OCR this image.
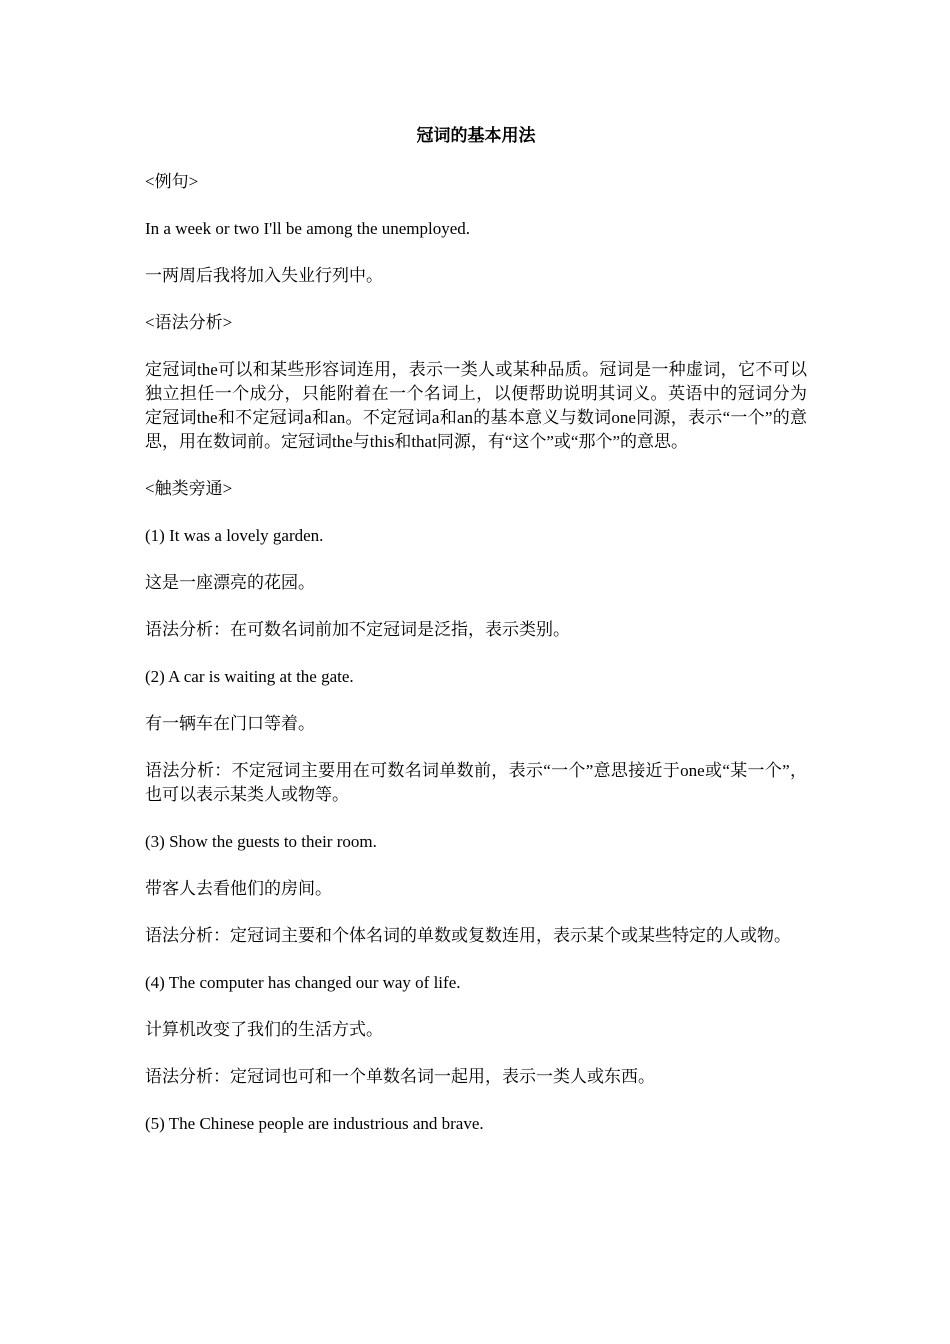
冠词的基本用法
<例句>
In a week or two I'll be among the unemployed.
一两周后我将加入失业行列中。
<语法分析>
定冠词the可以和某些形容词连用，表示一类人或某种品质。冠词是一种虚词，它不可以独立担任一个成分，只能附着在一个名词上，以便帮助说明其词义。英语中的冠词分为定冠词the和不定冠词a和an。不定冠词a和an的基本意义与数词one同源，表示“一个”的意思，用在数词前。定冠词the与this和that同源，有“这个”或“那个”的意思。
<触类旁通>
(1) It was a lovely garden.
这是一座漂亮的花园。
语法分析：在可数名词前加不定冠词是泛指，表示类别。
(2) A car is waiting at the gate.
有一辆车在门口等着。
语法分析：不定冠词主要用在可数名词单数前，表示“一个”意思接近于one或“某一个”， 也可以表示某类人或物等。
(3) Show the guests to their room.
带客人去看他们的房间。
语法分析：定冠词主要和个体名词的单数或复数连用，表示某个或某些特定的人或物。
(4) The computer has changed our way of life.
计算机改变了我们的生活方式。
语法分析：定冠词也可和一个单数名词一起用，表示一类人或东西。
(5) The Chinese people are industrious and brave.
